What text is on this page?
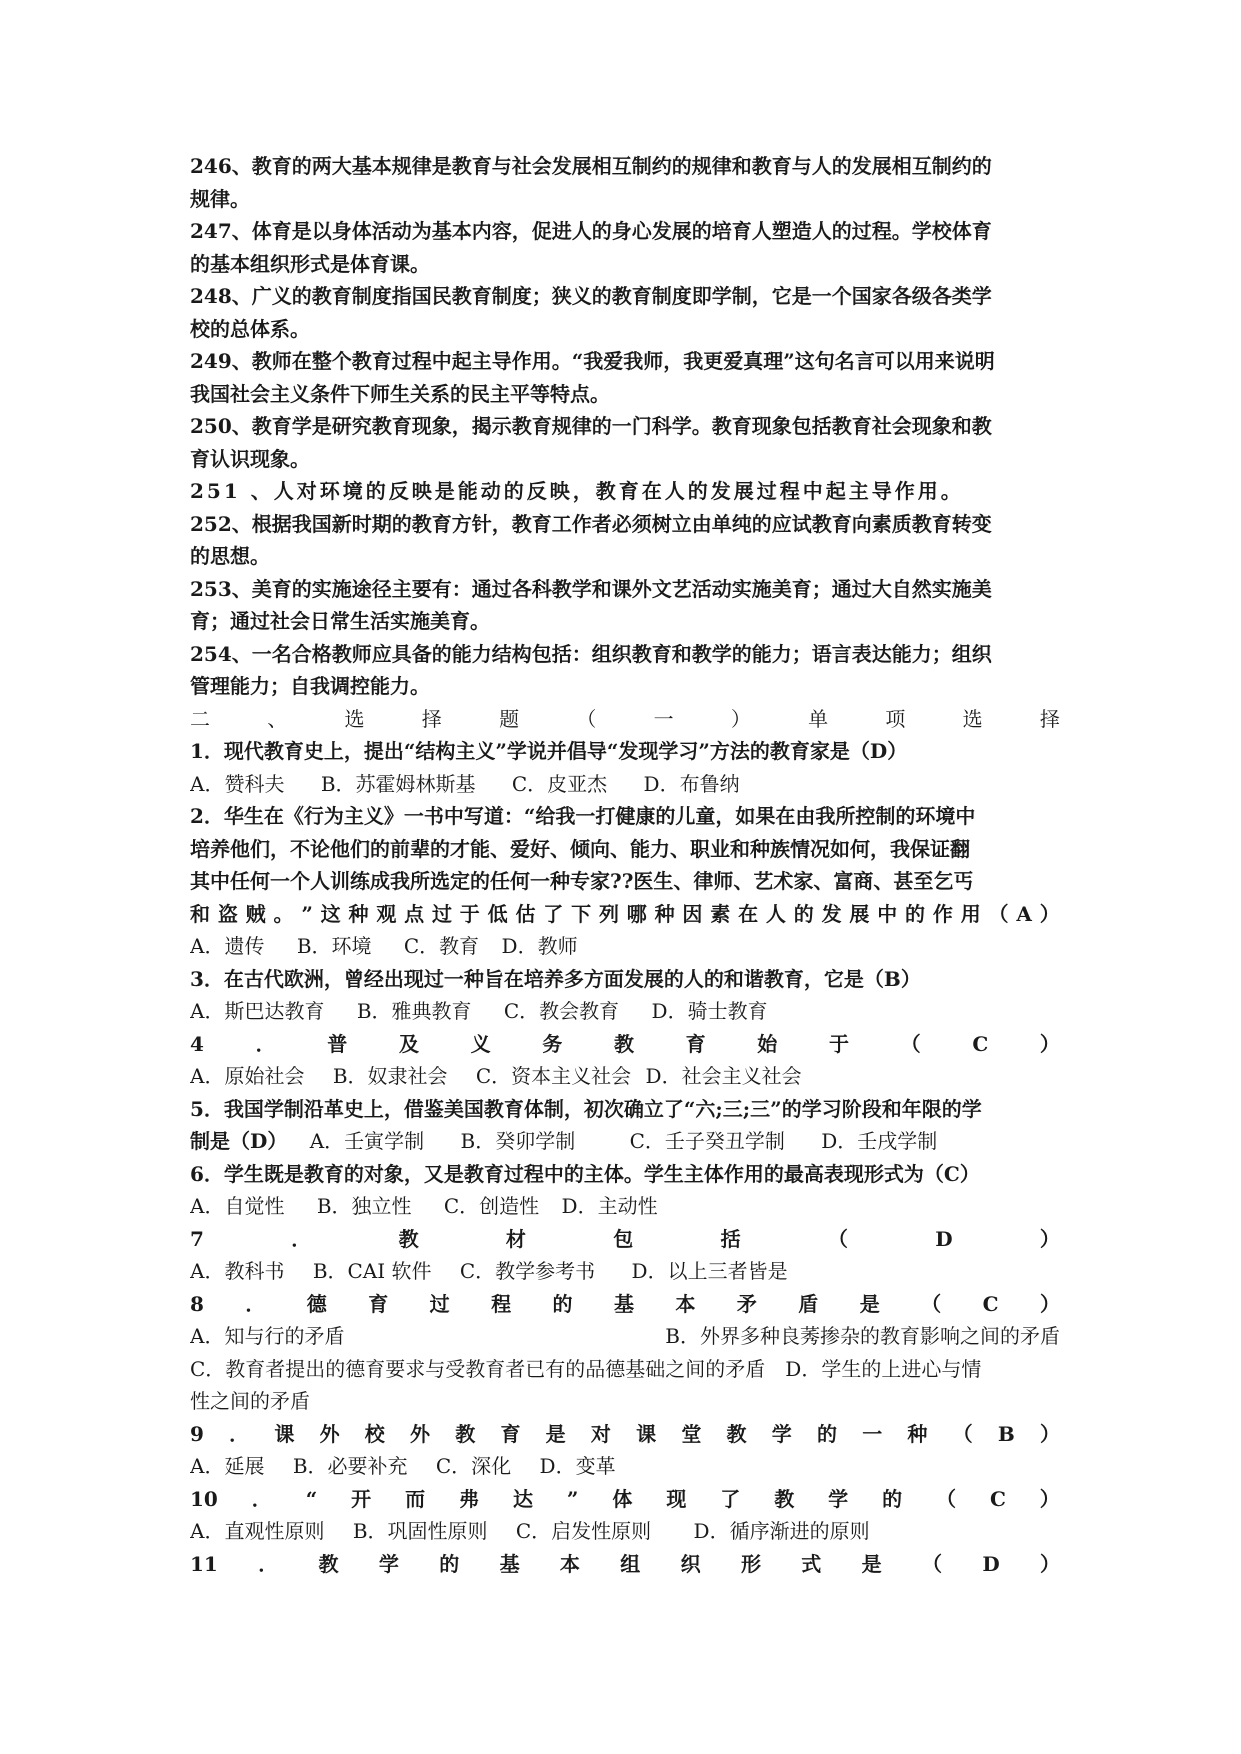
246、教育的两大基本规律是教育与社会发展相互制约的规律和教育与人的发展相互制约的
规律。
247、体育是以身体活动为基本内容，促进人的身心发展的培育人塑造人的过程。学校体育
的基本组织形式是体育课。
248、广义的教育制度指国民教育制度；狭义的教育制度即学制，它是一个国家各级各类学
校的总体系。
249、教师在整个教育过程中起主导作用。“我爱我师，我更爱真理”这句名言可以用来说明
我国社会主义条件下师生关系的民主平等特点。
250、教育学是研究教育现象，揭示教育规律的一门科学。教育现象包括教育社会现象和教
育认识现象。
251 、人对环境的反映是能动的反映，教育在人的发展过程中起主导作用。
252、根据我国新时期的教育方针，教育工作者必须树立由单纯的应试教育向素质教育转变
的思想。
253、美育的实施途径主要有：通过各科教学和课外文艺活动实施美育；通过大自然实施美
育；通过社会日常生活实施美育。
254、一名合格教师应具备的能力结构包括：组织教育和教学的能力；语言表达能力；组织
管理能力；自我调控能力。
二	、	选	择	题	（	一	）	单	项	选	择
1．现代教育史上，提出“结构主义”学说并倡导“发现学习”方法的教育家是（D）
A．赞科夫 B．苏霍姆林斯基 C．皮亚杰 D．布鲁纳
2．华生在《行为主义》一书中写道：“给我一打健康的儿童，如果在由我所控制的环境中
培养他们，不论他们的前辈的才能、爱好、倾向、能力、职业和种族情况如何，我保证翻
其中任何一个人训练成我所选定的任何一种专家??医生、律师、艺术家、富商、甚至乞丐
和 盗 贼 。 ” 这 种 观 点 过 于 低 估 了 下 列 哪 种 因 素 在 人 的 发 展 中 的 作 用 （ A ）
A．遗传 B．环境 C．教育 D．教师
3．在古代欧洲，曾经出现过一种旨在培养多方面发展的人的和谐教育，它是（B）
A．斯巴达教育 B．雅典教育 C．教会教育 D．骑士教育
4	．	普	及	义	务	教	育	始	于	（	C	）
A．原始社会 B．奴隶社会 C．资本主义社会 D．社会主义社会
5．我国学制沿革史上，借鉴美国教育体制，初次确立了“六;三;三”的学习阶段和年限的学
制是（D） A．壬寅学制 B．癸卯学制	C．壬子癸丑学制 D．壬戌学制
6．学生既是教育的对象，又是教育过程中的主体。学生主体作用的最高表现形式为（C）
A．自觉性 B．独立性 C．创造性 D．主动性
7	．	教	材	包	括	（	D	）
A．教科书 B．CAI 软件 C．教学参考书 D．以上三者皆是
8 ． 德 育 过 程 的 基 本 矛 盾 是 （ C ）
A．知与行的矛盾	B．外界多种良莠掺杂的教育影响之间的矛盾
C．教育者提出的德育要求与受教育者已有的品德基础之间的矛盾　D．学生的上进心与情
性之间的矛盾
9 ． 课 外 校 外 教 育 是 对 课 堂 教 学 的 一 种 （ B ）
A．延展 B．必要补充 C．深化 D．变革
10 ． “ 开 而 弗 达 ” 体 现 了 教 学 的 （ C ）
A．直观性原则 B．巩固性原则 C．启发性原则 D．循序渐进的原则
11 ． 教 学 的 基 本 组 织 形 式 是 （ D ）
